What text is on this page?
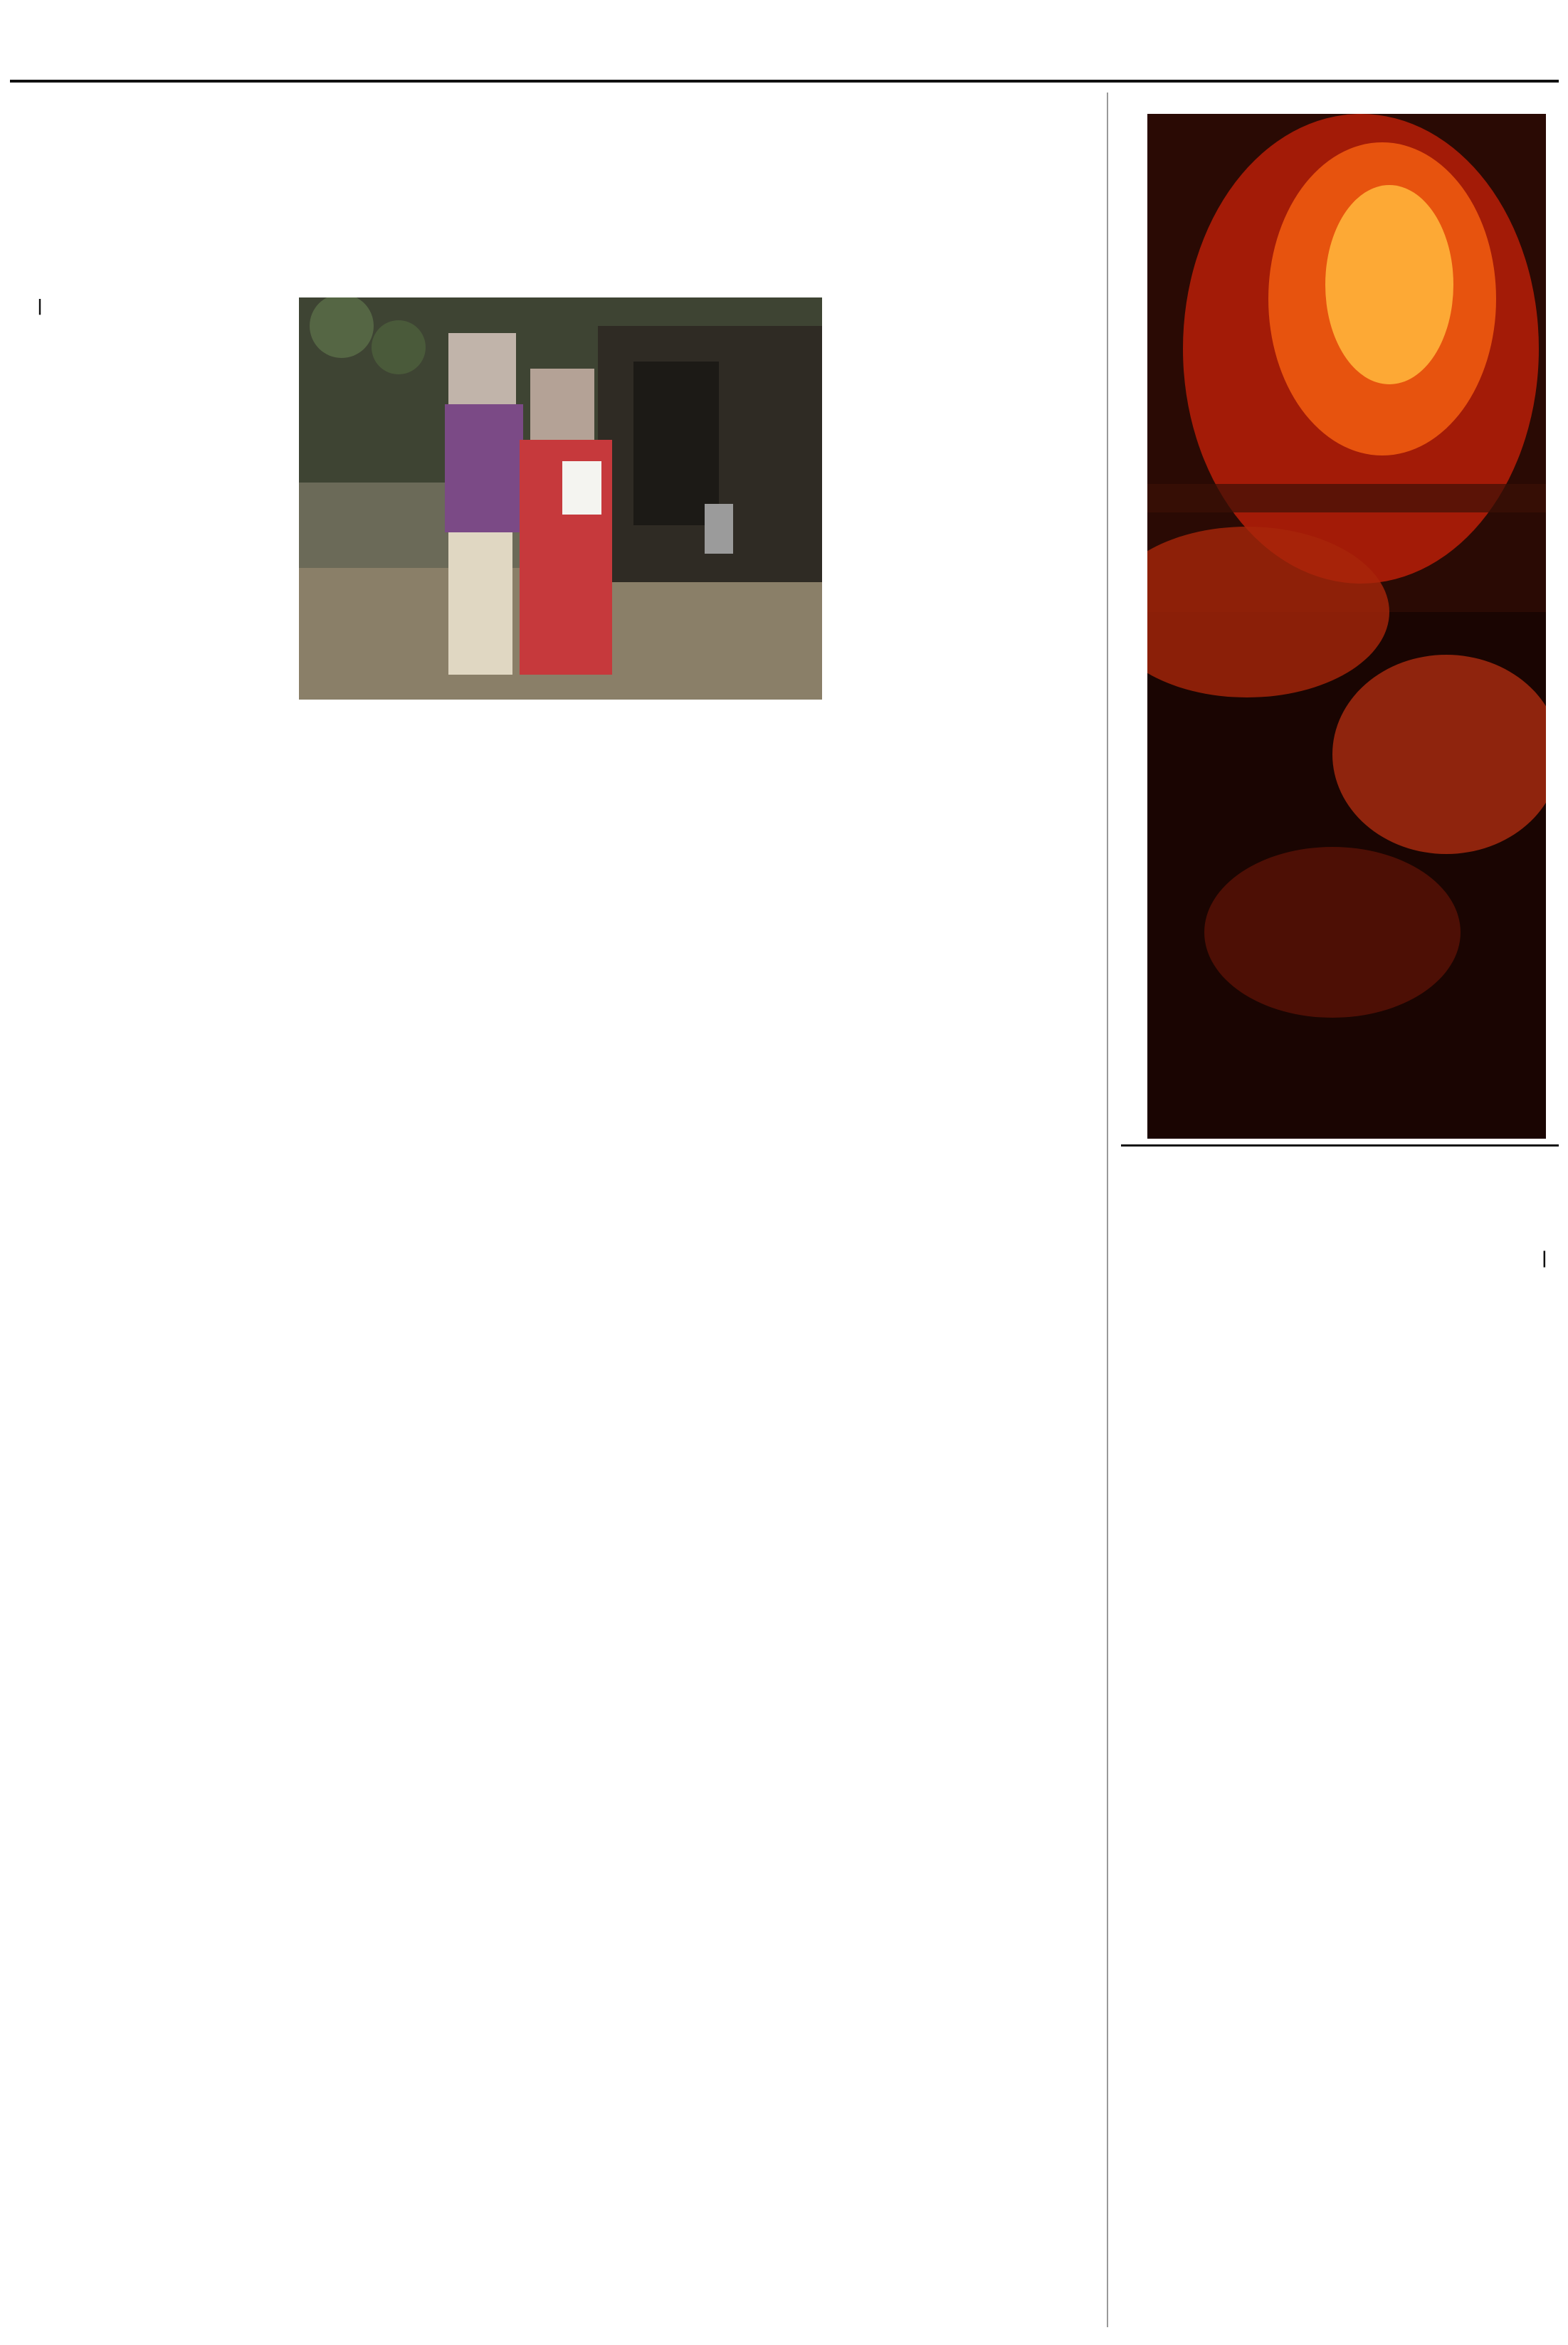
|

|
